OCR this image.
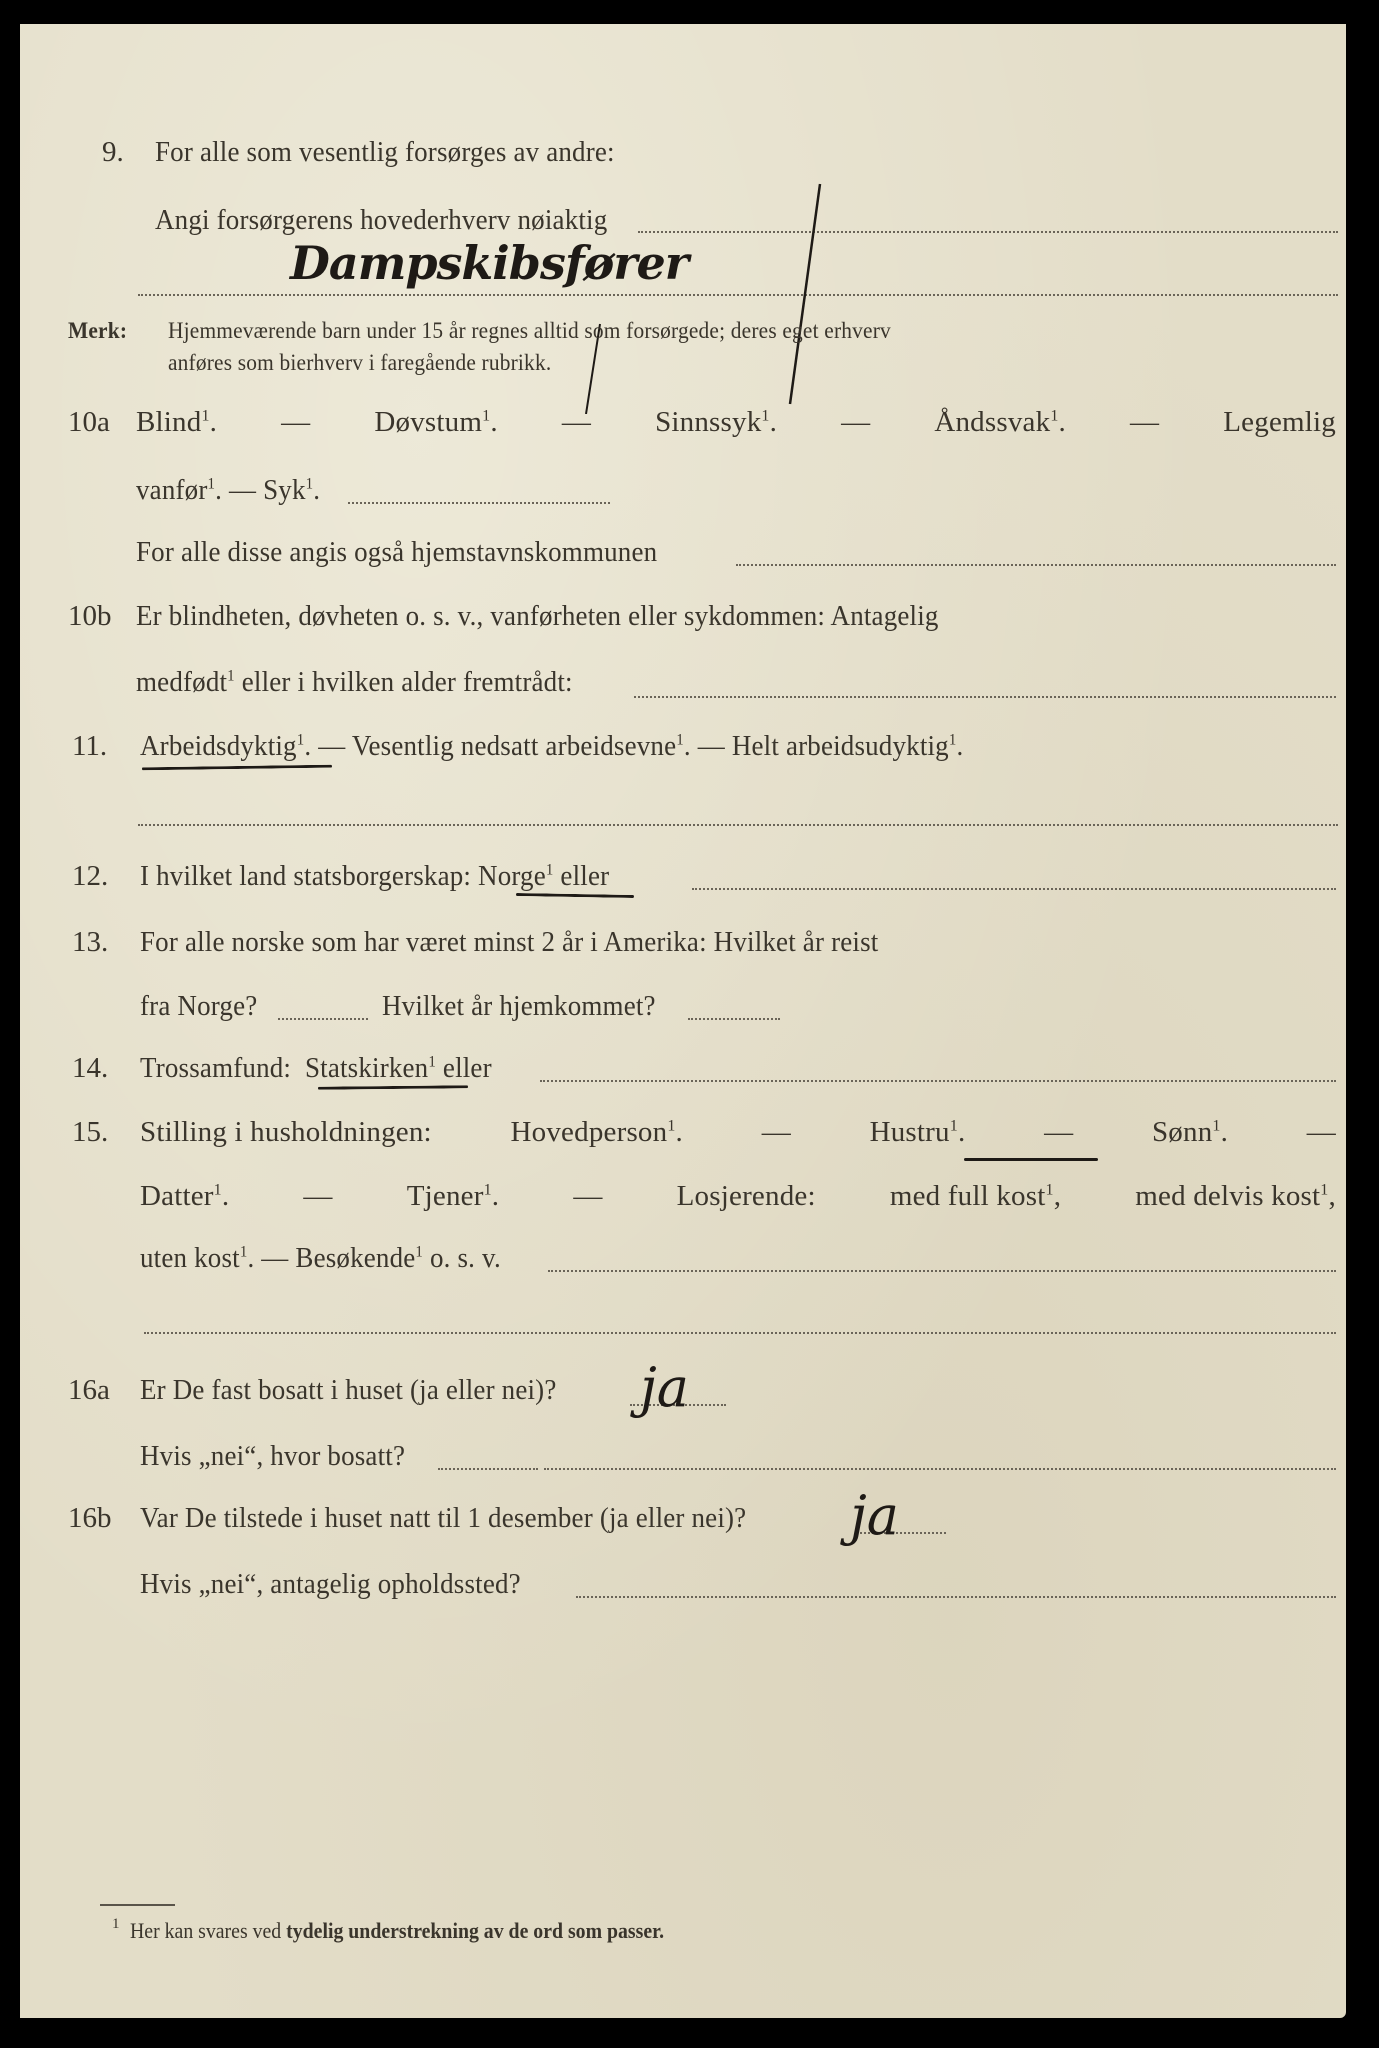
9. For alle som vesentlig forsørges av andre:
Angi forsørgerens hovederhverv nøiaktig
Dampskibsfører
Merk: Hjemmeværende barn under 15 år regnes alltid som forsørgede; deres eget erhverv
anføres som bierhverv i faregående rubrikk.
10a Blind$^1$. — Døvstum$^1$. — Sinnssyk$^1$. — Åndssvak$^1$. — Legemlig
vanfør$^1$. — Syk$^1$.
For alle disse angis også hjemstavnskommunen
10b Er blindheten, døvheten o. s. v., vanførheten eller sykdommen: Antagelig
medfødt$^1$ eller i hvilken alder fremtrådt:
11. Arbeidsdyktig$^1$. — Vesentlig nedsatt arbeidsevne$^1$. — Helt arbeidsudyktig$^1$.
12. I hvilket land statsborgerskap: Norge$^1$ eller
13. For alle norske som har været minst 2 år i Amerika: Hvilket år reist
fra Norge?	Hvilket år hjemkommet?
14. Trossamfund: Statskirken$^1$ eller
15. Stilling i husholdningen:	Hovedperson$^1$.	—	Hustru$^1$.	—	Sønn$^1$.	—
Datter$^1$.	—	Tjener$^1$.	—	Losjerende:	med full kost$^1$,	med delvis kost$^1$,
uten kost$^1$. — Besøkende$^1$ o. s. v.
16a Er De fast bosatt i huset (ja eller nei)? ja
Hvis „nei“, hvor bosatt?
16b Var De tilstede i huset natt til 1 desember (ja eller nei)? ja
Hvis „nei“, antagelig opholdssted?
1 Her kan svares ved tydelig understrekning av de ord som passer.
